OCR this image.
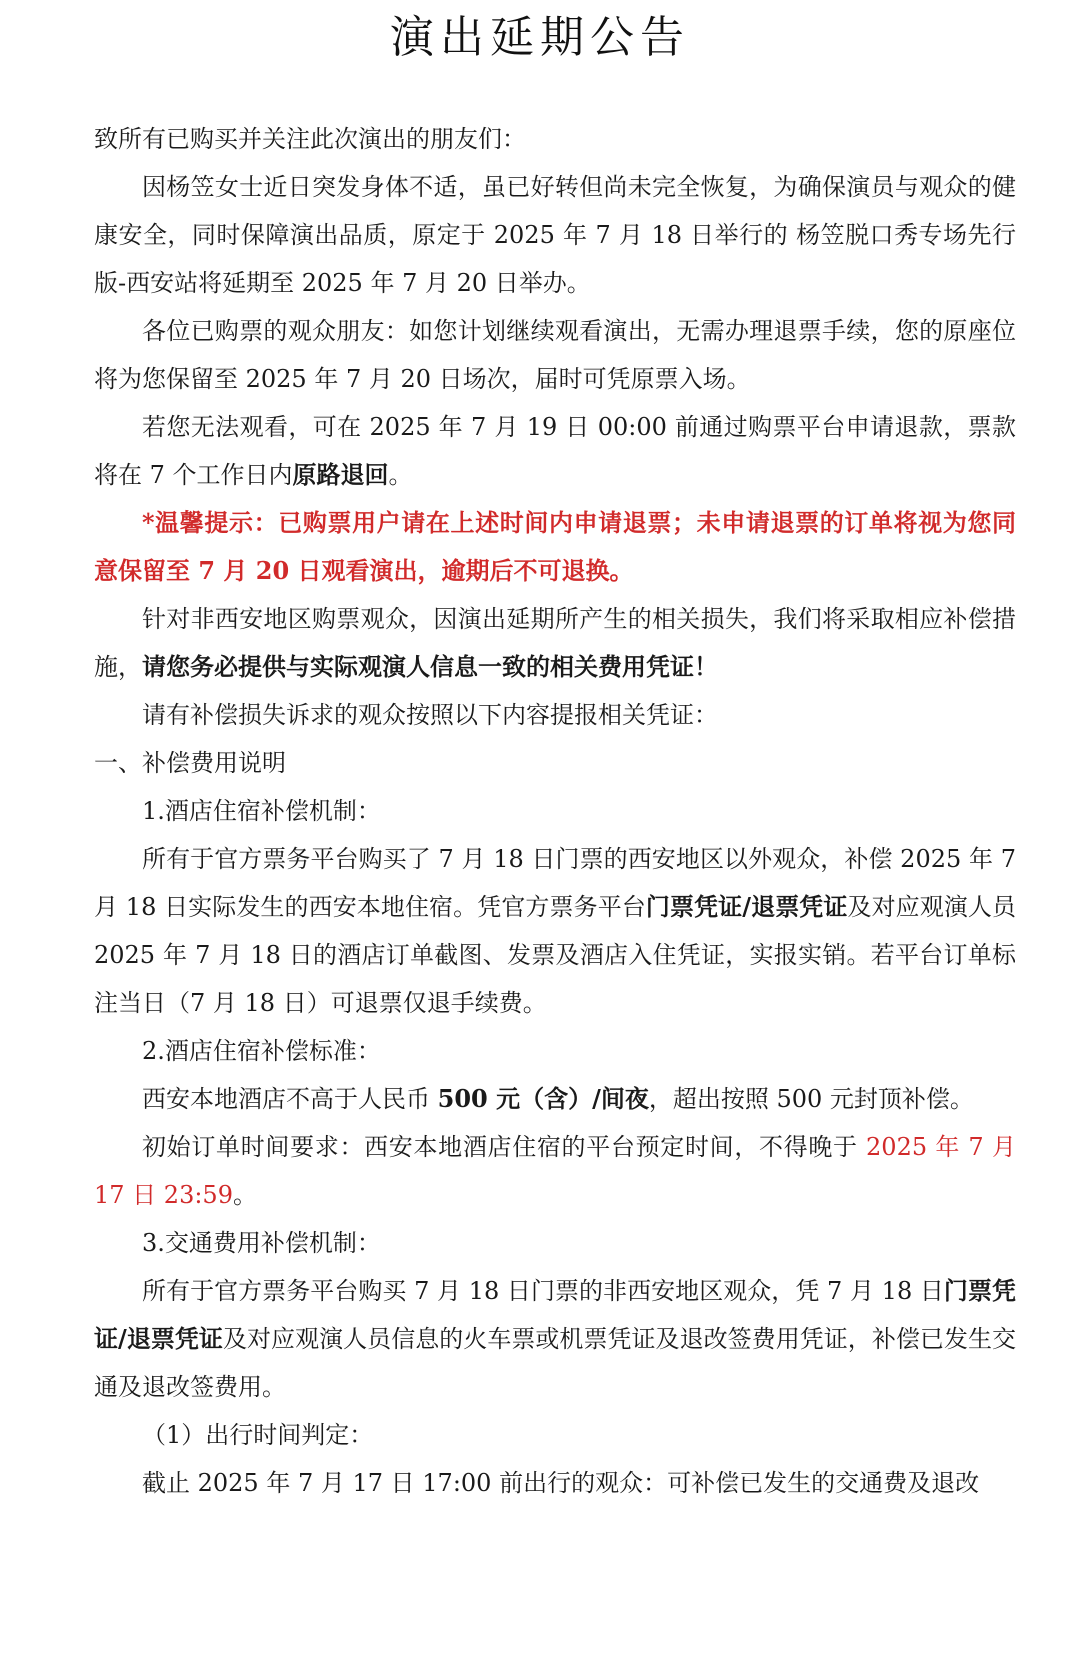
演出延期公告

致所有已购买并关注此次演出的朋友们：

因杨笠女士近日突发身体不适，虽已好转但尚未完全恢复，为确保演员与观众的健康安全，同时保障演出品质，原定于 2025 年 7 月 18 日举行的 杨笠脱口秀专场先行版-西安站将延期至 2025 年 7 月 20 日举办。

各位已购票的观众朋友：如您计划继续观看演出，无需办理退票手续，您的原座位将为您保留至 2025 年 7 月 20 日场次，届时可凭原票入场。

若您无法观看，可在 2025 年 7 月 19 日 00:00 前通过购票平台申请退款，票款将在 7 个工作日内原路退回。

*温馨提示：已购票用户请在上述时间内申请退票；未申请退票的订单将视为您同意保留至 7 月 20 日观看演出，逾期后不可退换。

针对非西安地区购票观众，因演出延期所产生的相关损失，我们将采取相应补偿措施，请您务必提供与实际观演人信息一致的相关费用凭证！

请有补偿损失诉求的观众按照以下内容提报相关凭证：

一、补偿费用说明

1.酒店住宿补偿机制：

所有于官方票务平台购买了 7 月 18 日门票的西安地区以外观众，补偿 2025 年 7 月 18 日实际发生的西安本地住宿。凭官方票务平台门票凭证/退票凭证及对应观演人员 2025 年 7 月 18 日的酒店订单截图、发票及酒店入住凭证，实报实销。若平台订单标注当日（7 月 18 日）可退票仅退手续费。

2.酒店住宿补偿标准：

西安本地酒店不高于人民币 500 元（含）/间夜，超出按照 500 元封顶补偿。

初始订单时间要求：西安本地酒店住宿的平台预定时间，不得晚于 2025 年 7 月 17 日 23:59。

3.交通费用补偿机制：

所有于官方票务平台购买 7 月 18 日门票的非西安地区观众，凭 7 月 18 日门票凭证/退票凭证及对应观演人员信息的火车票或机票凭证及退改签费用凭证，补偿已发生交通及退改签费用。

（1）出行时间判定：

截止 2025 年 7 月 17 日 17:00 前出行的观众：可补偿已发生的交通费及退改
